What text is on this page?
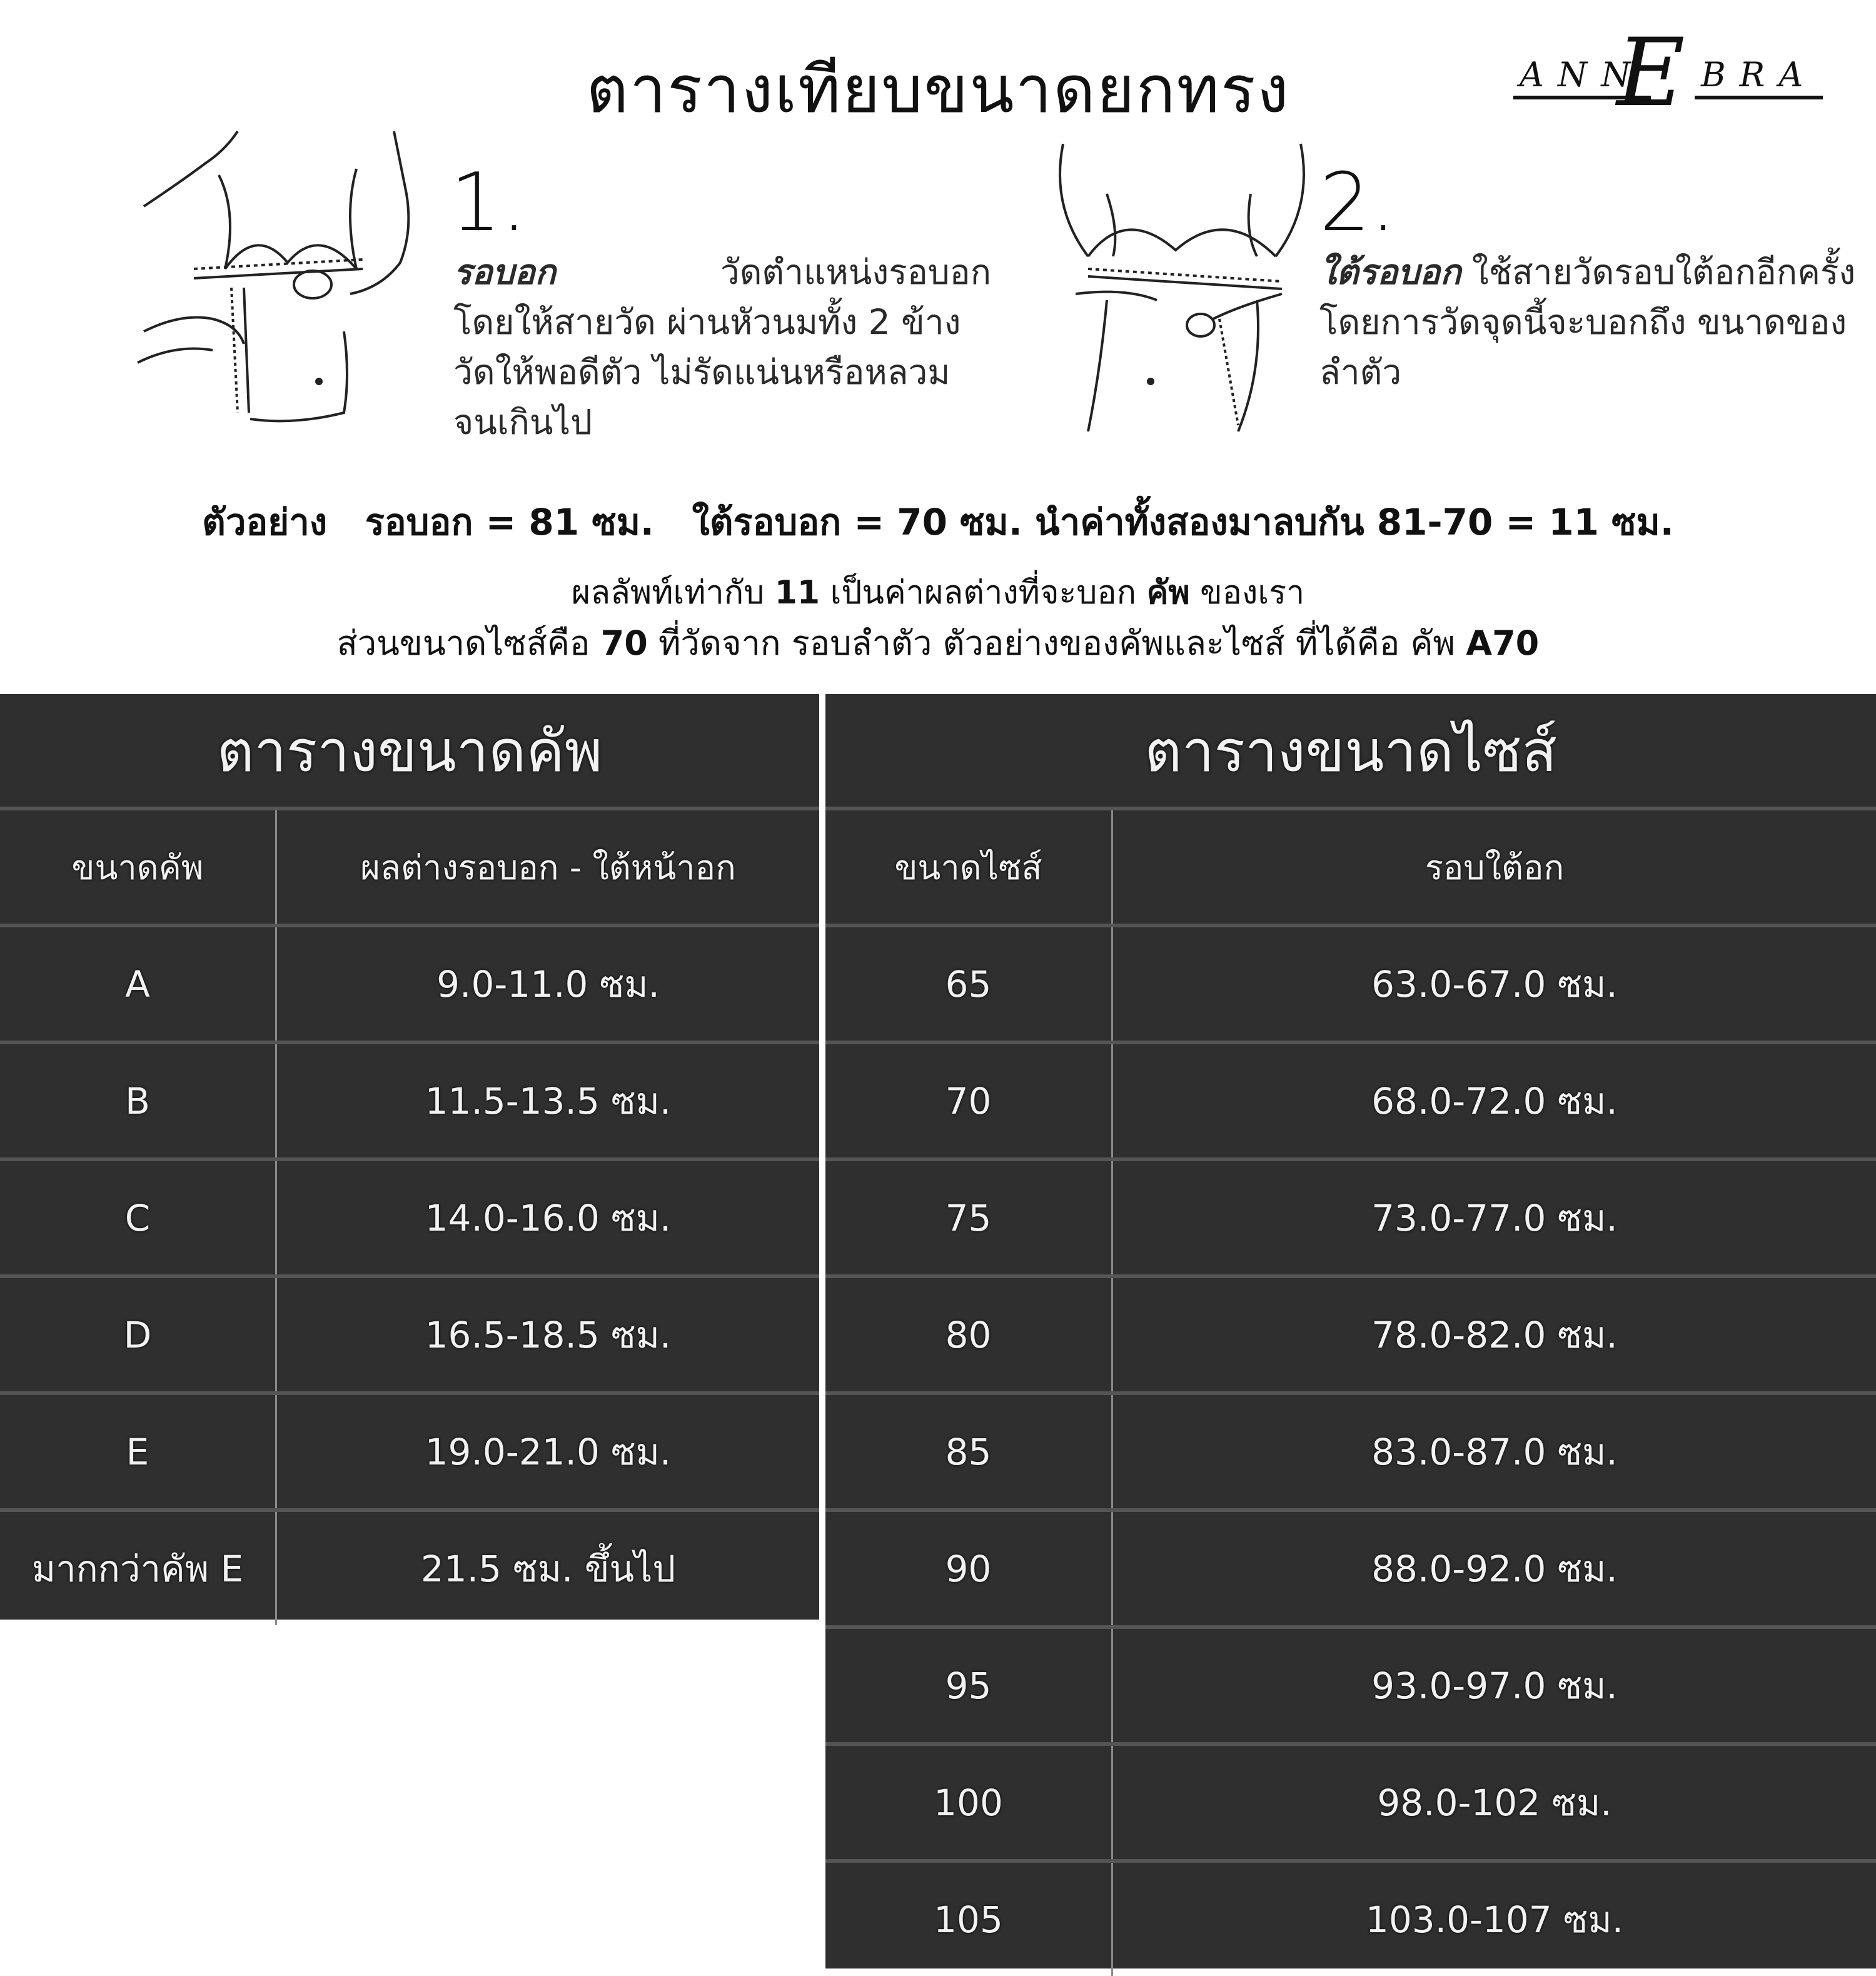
ตารางเทียบขนาดยกทรง	ANN
E BRA
1.
รอบอก	วัดตำแหน่งรอบอก
โดยให้สายวัด ผ่านหัวนมทั้ง 2 ข้าง
วัดให้พอดีตัว ไม่รัดแน่นหรือหลวม
จนเกินไป
2.
ใต้รอบอก ใช้สายวัดรอบใต้อกอีกครั้ง
โดยการวัดจุดนี้จะบอกถึง ขนาดของ
ลำตัว
ตัวอย่าง   รอบอก = 81 ซม.   ใต้รอบอก = 70 ซม. นำค่าทั้งสองมาลบกัน 81-70 = 11 ซม.
ผลลัพท์เท่ากับ 11 เป็นค่าผลต่างที่จะบอก คัพ ของเรา
ส่วนขนาดไซส์คือ 70 ที่วัดจาก รอบลำตัว ตัวอย่างของคัพและไซส์ ที่ได้คือ คัพ A70
ตารางขนาดคัพ
ขนาดคัพ	ผลต่างรอบอก - ใต้หน้าอก
A	9.0-11.0 ซม.
B	11.5-13.5 ซม.
C	14.0-16.0 ซม.
D	16.5-18.5 ซม.
E	19.0-21.0 ซม.
มากกว่าคัพ E	21.5 ซม. ขึ้นไป
ตารางขนาดไซส์
ขนาดไซส์	รอบใต้อก
65	63.0-67.0 ซม.
70	68.0-72.0 ซม.
75	73.0-77.0 ซม.
80	78.0-82.0 ซม.
85	83.0-87.0 ซม.
90	88.0-92.0 ซม.
95	93.0-97.0 ซม.
100	98.0-102 ซม.
105	103.0-107 ซม.
